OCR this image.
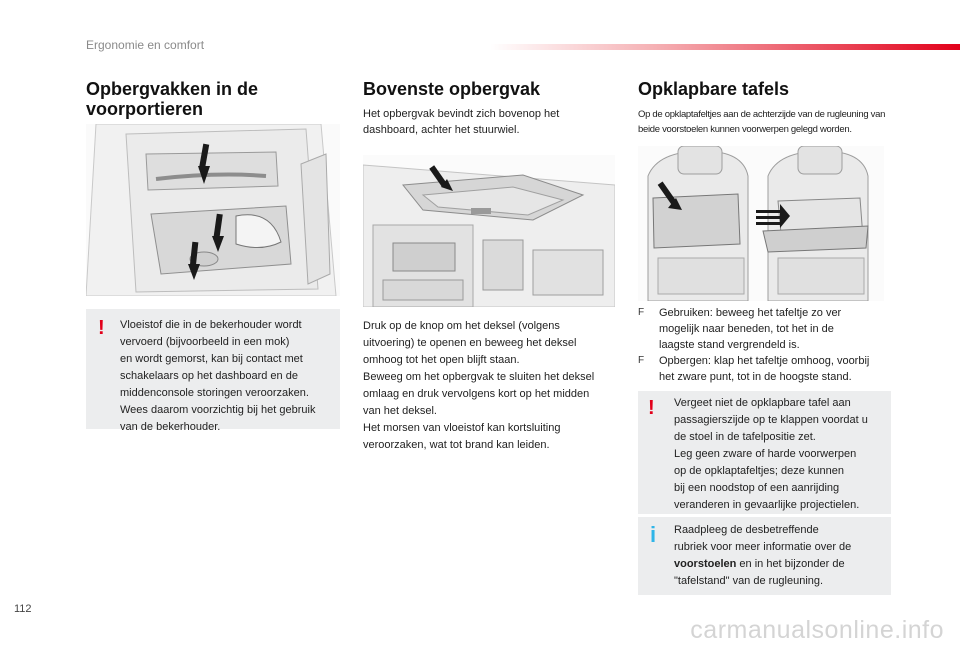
Ergonomie en comfort
Opbergvakken in de
voorportieren
! Vloeistof die in de bekerhouder wordt
vervoerd (bijvoorbeeld in een mok)
en wordt gemorst, kan bij contact met
schakelaars op het dashboard en de
middenconsole storingen veroorzaken.
Wees daarom voorzichtig bij het gebruik
van de bekerhouder.
Bovenste opbergvak
Het opbergvak bevindt zich bovenop het
dashboard, achter het stuurwiel.
Druk op de knop om het deksel (volgens
uitvoering) te openen en beweeg het deksel
omhoog tot het open blijft staan.
Beweeg om het opbergvak te sluiten het deksel
omlaag en druk vervolgens kort op het midden
van het deksel.
Het morsen van vloeistof kan kortsluiting
veroorzaken, wat tot brand kan leiden.
Opklapbare tafels
Op de opklaptafeltjes aan de achterzijde van de rugleuning van
beide voorstoelen kunnen voorwerpen gelegd worden.
F Gebruiken: beweeg het tafeltje zo ver
mogelijk naar beneden, tot het in de
laagste stand vergrendeld is.
F Opbergen: klap het tafeltje omhoog, voorbij
het zware punt, tot in de hoogste stand.
! Vergeet niet de opklapbare tafel aan
passagierszijde op te klappen voordat u
de stoel in de tafelpositie zet.
Leg geen zware of harde voorwerpen
op de opklaptafeltjes; deze kunnen
bij een noodstop of een aanrijding
veranderen in gevaarlijke projectielen.
i Raadpleeg de desbetreffende
rubriek voor meer informatie over de
voorstoelen en in het bijzonder de
"tafelstand" van de rugleuning.
112
carmanualsonline.info
